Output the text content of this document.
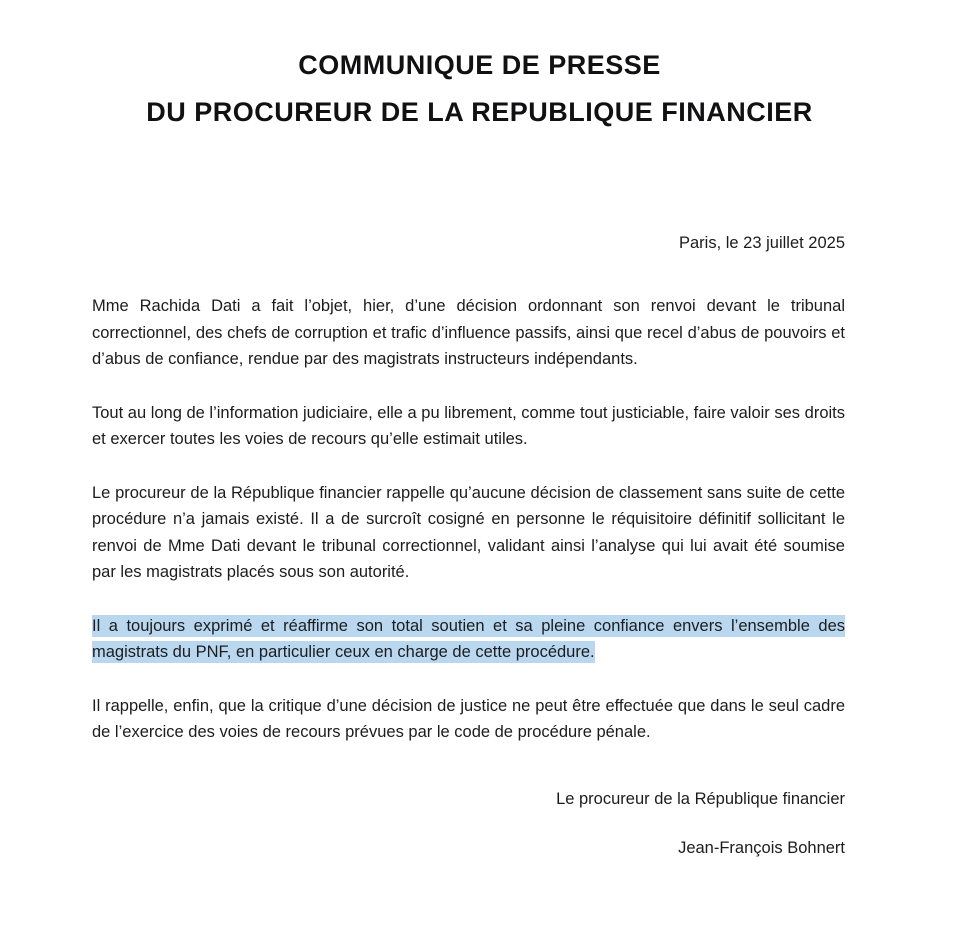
COMMUNIQUE DE PRESSE
DU PROCUREUR DE LA REPUBLIQUE FINANCIER
Paris, le 23 juillet 2025

Mme Rachida Dati a fait l’objet, hier, d’une décision ordonnant son renvoi devant le tribunal correctionnel, des chefs de corruption et trafic d’influence passifs, ainsi que recel d’abus de pouvoirs et d’abus de confiance, rendue par des magistrats instructeurs indépendants.

Tout au long de l’information judiciaire, elle a pu librement, comme tout justiciable, faire valoir ses droits et exercer toutes les voies de recours qu’elle estimait utiles.

Le procureur de la République financier rappelle qu’aucune décision de classement sans suite de cette procédure n’a jamais existé. Il a de surcroît cosigné en personne le réquisitoire définitif sollicitant le renvoi de Mme Dati devant le tribunal correctionnel, validant ainsi l’analyse qui lui avait été soumise par les magistrats placés sous son autorité.

Il a toujours exprimé et réaffirme son total soutien et sa pleine confiance envers l’ensemble des magistrats du PNF, en particulier ceux en charge de cette procédure.

Il rappelle, enfin, que la critique d’une décision de justice ne peut être effectuée que dans le seul cadre de l’exercice des voies de recours prévues par le code de procédure pénale.

Le procureur de la République financier
Jean-François Bohnert
